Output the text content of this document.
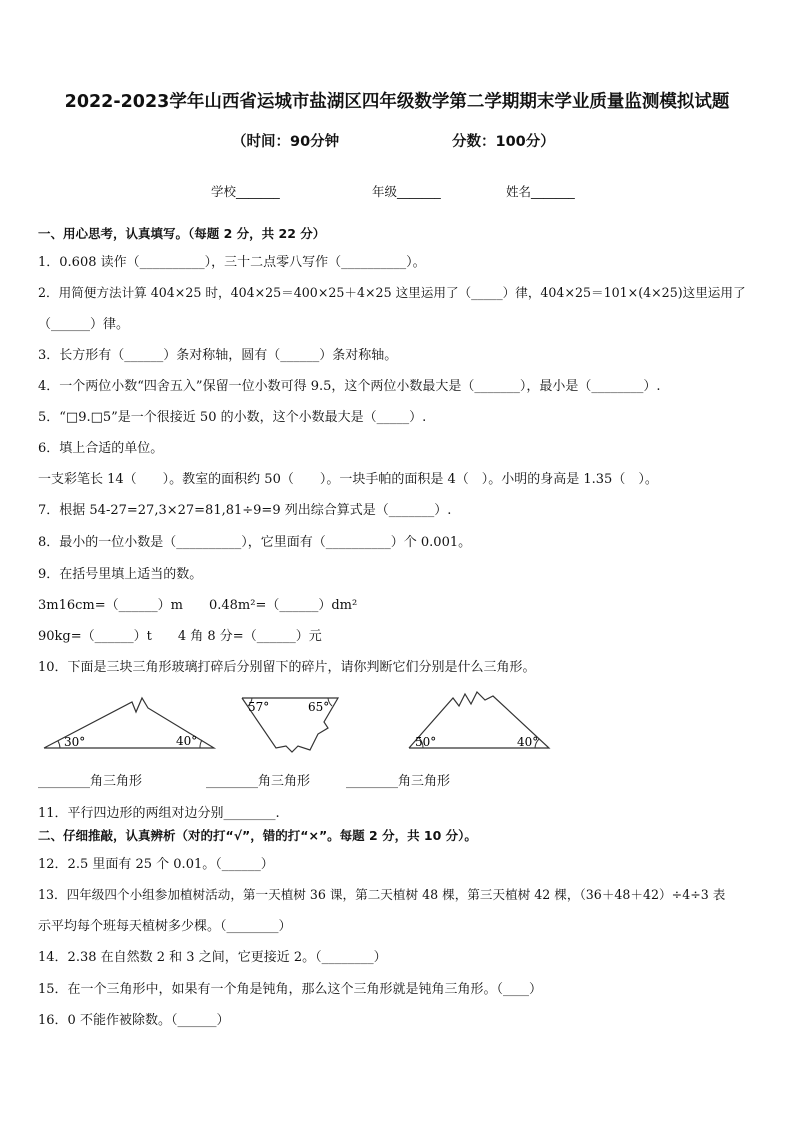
2022-2023学年山西省运城市盐湖区四年级数学第二学期期末学业质量监测模拟试题
（时间：90分钟	分数：100分）
学校_______	年级_______	姓名_______
一、用心思考，认真填写。（每题 2 分，共 22 分）
1．0.608 读作（__________），三十二点零八写作（__________）。
2．用简便方法计算 404×25 时，404×25＝400×25＋4×25 这里运用了（_____）律，404×25＝101×(4×25)这里运用了
（______）律。
3．长方形有（______）条对称轴，圆有（______）条对称轴。
4．一个两位小数“四舍五入”保留一位小数可得 9.5，这个两位小数最大是（_______），最小是（________）.
5．“□9.□5”是一个很接近 50 的小数，这个小数最大是（_____）.
6．填上合适的单位。
一支彩笔长 14（　　）。教室的面积约 50（　　）。一块手帕的面积是 4（　）。小明的身高是 1.35（　）。
7．根据 54-27=27,3×27=81,81÷9=9 列出综合算式是（_______）.
8．最小的一位小数是（__________），它里面有（__________）个 0.001。
9．在括号里填上适当的数。
3m16cm=（______）m　　0.48m²=（______）dm²
90kg=（______）t　　4 角 8 分=（______）元
10．下面是三块三角形玻璃打碎后分别留下的碎片，请你判断它们分别是什么三角形。
30°	40°
57°	65°
50°	40°
________角三角形	________角三角形	________角三角形
11．平行四边形的两组对边分别________.
二、仔细推敲，认真辨析（对的打“√”，错的打“×”。每题 2 分，共 10 分）。
12．2.5 里面有 25 个 0.01。（______）
13．四年级四个小组参加植树活动，第一天植树 36 课，第二天植树 48 棵，第三天植树 42 棵，（36＋48＋42）÷4÷3 表
示平均每个班每天植树多少棵。（________）
14．2.38 在自然数 2 和 3 之间，它更接近 2。（________）
15．在一个三角形中，如果有一个角是钝角，那么这个三角形就是钝角三角形。（____）
16．0 不能作被除数。（______）
